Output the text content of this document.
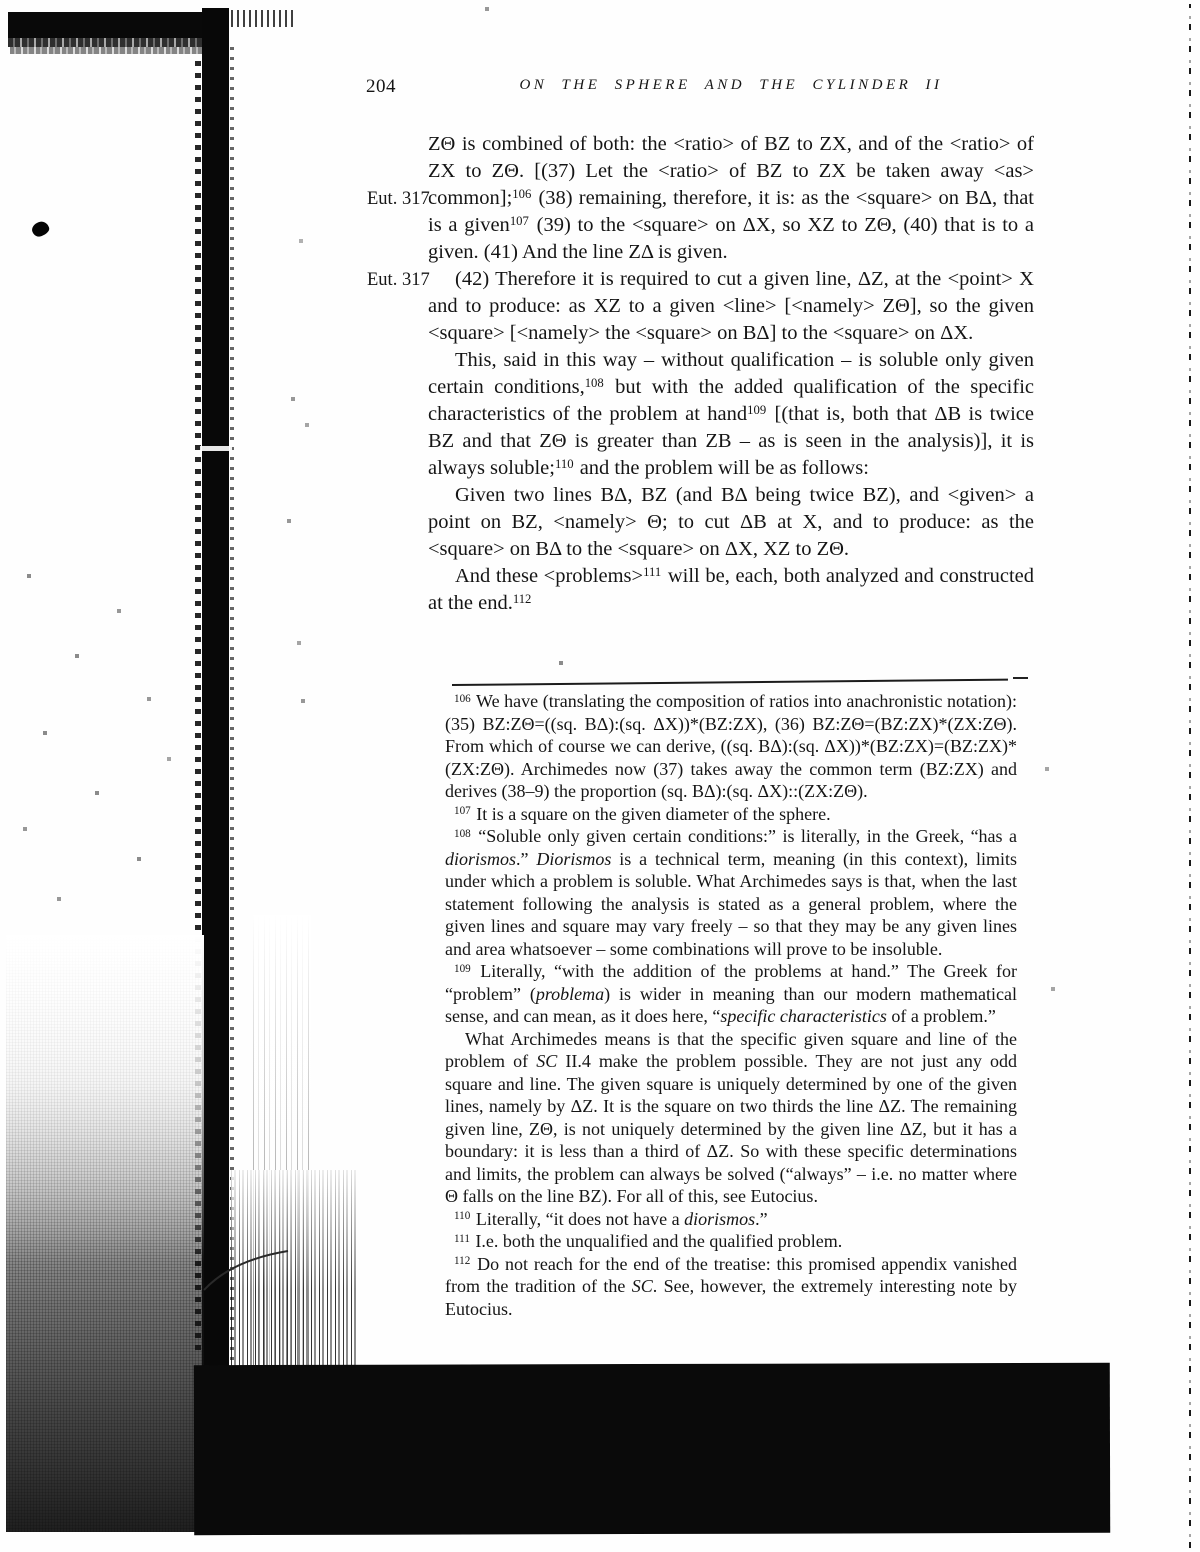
204	ON THE SPHERE AND THE CYLINDER II
Eut. 317
Eut. 317

ZΘ is combined of both: the <ratio> of BZ to ZX, and of the <ratio> of ZX to ZΘ. [(37) Let the <ratio> of BZ to ZX be taken away <as> common];$^{106}$ (38) remaining, therefore, it is: as the <square> on BΔ, that is a given$^{107}$ (39) to the <square> on ΔX, so XZ to ZΘ, (40) that is to a given. (41) And the line ZΔ is given.

(42) Therefore it is required to cut a given line, ΔZ, at the <point> X and to produce: as XZ to a given <line> [<namely> ZΘ], so the given <square> [<namely> the <square> on BΔ] to the <square> on ΔX.

This, said in this way – without qualification – is soluble only given certain conditions,$^{108}$ but with the added qualification of the specific characteristics of the problem at hand$^{109}$ [(that is, both that ΔB is twice BZ and that ZΘ is greater than ZB – as is seen in the analysis)], it is always soluble;$^{110}$ and the problem will be as follows:

Given two lines BΔ, BZ (and BΔ being twice BZ), and <given> a point on BZ, <namely> Θ; to cut ΔB at X, and to produce: as the <square> on BΔ to the <square> on ΔX, XZ to ZΘ.

And these <problems>$^{111}$ will be, each, both analyzed and constructed at the end.$^{112}$

$^{106}$ We have (translating the composition of ratios into anachronistic notation): (35) BZ:ZΘ=((sq. BΔ):(sq. ΔX))*(BZ:ZX), (36) BZ:ZΘ=(BZ:ZX)*(ZX:ZΘ). From which of course we can derive, ((sq. BΔ):(sq. ΔX))*(BZ:ZX)=(BZ:ZX)*(ZX:ZΘ). Archimedes now (37) takes away the common term (BZ:ZX) and derives (38–9) the proportion (sq. BΔ):(sq. ΔX)::(ZX:ZΘ).

$^{107}$ It is a square on the given diameter of the sphere.

$^{108}$ “Soluble only given certain conditions:” is literally, in the Greek, “has a diorismos.” Diorismos is a technical term, meaning (in this context), limits under which a problem is soluble. What Archimedes says is that, when the last statement following the analysis is stated as a general problem, where the given lines and square may vary freely – so that they may be any given lines and area whatsoever – some combinations will prove to be insoluble.

$^{109}$ Literally, “with the addition of the problems at hand.” The Greek for “problem” (problema) is wider in meaning than our modern mathematical sense, and can mean, as it does here, “specific characteristics of a problem.”

What Archimedes means is that the specific given square and line of the problem of SC II.4 make the problem possible. They are not just any odd square and line. The given square is uniquely determined by one of the given lines, namely by ΔZ. It is the square on two thirds the line ΔZ. The remaining given line, ZΘ, is not uniquely determined by the given line ΔZ, but it has a boundary: it is less than a third of ΔZ. So with these specific determinations and limits, the problem can always be solved (“always” – i.e. no matter where Θ falls on the line BZ). For all of this, see Eutocius.

$^{110}$ Literally, “it does not have a diorismos.”

$^{111}$ I.e. both the unqualified and the qualified problem.

$^{112}$ Do not reach for the end of the treatise: this promised appendix vanished from the tradition of the SC. See, however, the extremely interesting note by Eutocius.
